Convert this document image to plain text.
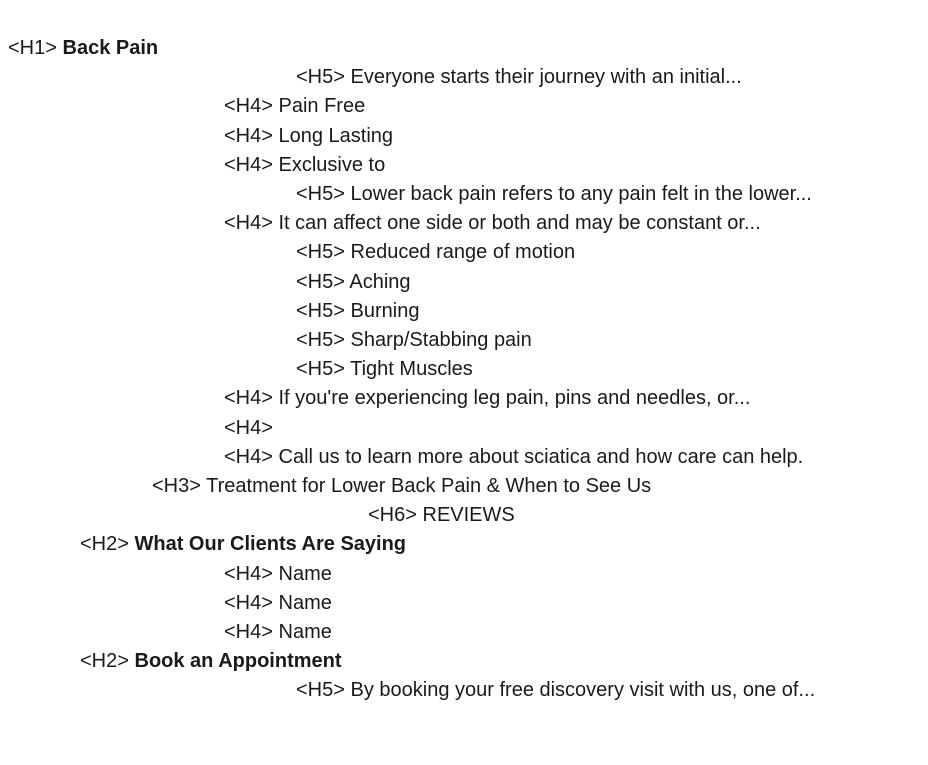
<H1> Back Pain
<H5> Everyone starts their journey with an initial...
<H4> Pain Free
<H4> Long Lasting
<H4> Exclusive to
<H5> Lower back pain refers to any pain felt in the lower...
<H4> It can affect one side or both and may be constant or...
<H5> Reduced range of motion
<H5> Aching
<H5> Burning
<H5> Sharp/Stabbing pain
<H5> Tight Muscles
<H4> If you're experiencing leg pain, pins and needles, or...
<H4>
<H4> Call us to learn more about sciatica and how care can help.
<H3> Treatment for Lower Back Pain & When to See Us
<H6> REVIEWS
<H2> What Our Clients Are Saying
<H4> Name
<H4> Name
<H4> Name
<H2> Book an Appointment
<H5> By booking your free discovery visit with us, one of...
